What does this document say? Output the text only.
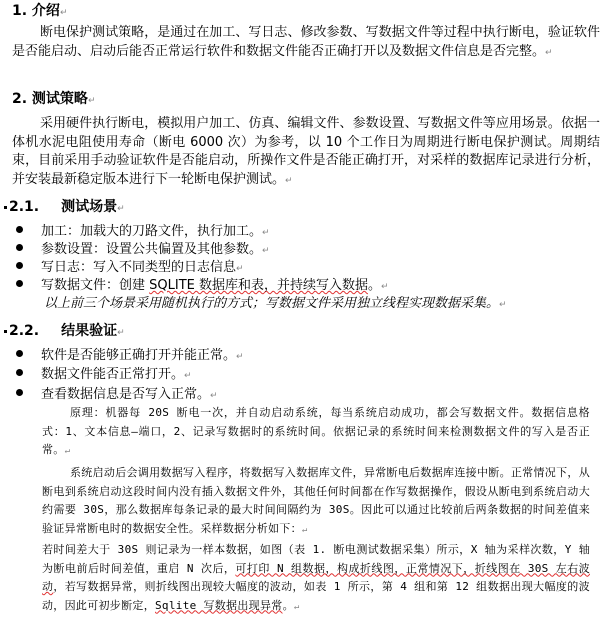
1. 介绍↵
断电保护测试策略，是通过在加工、写日志、修改参数、写数据文件等过程中执行断电，验证软件是否能启动、启动后能否正常运行软件和数据文件能否正确打开以及数据文件信息是否完整。↵
2. 测试策略↵
采用硬件执行断电，模拟用户加工、仿真、编辑文件、参数设置、写数据文件等应用场景。依据一体机水泥电阻使用寿命（断电 6000 次）为参考，以 10 个工作日为周期进行断电保护测试。周期结束，目前采用手动验证软件是否能启动，所操作文件是否能正确打开，对采样的数据库记录进行分析，并安装最新稳定版本进行下一轮断电保护测试。↵
2.1. 测试场景↵
加工：加载大的刀路文件，执行加工。↵
参数设置：设置公共偏置及其他参数。↵
写日志：写入不同类型的日志信息↵
写数据文件：创建 SQLITE 数据库和表，并持续写入数据。↵
以上前三个场景采用随机执行的方式；写数据文件采用独立线程实现数据采集。↵
2.2. 结果验证↵
软件是否能够正确打开并能正常。↵
数据文件能否正常打开。↵
查看数据信息是否写入正常。↵
原理：机器每 20S 断电一次，并自动启动系统，每当系统启动成功，都会写数据文件。数据信息格式：1、文本信息—端口，2、记录写数据时的系统时间。依据记录的系统时间来检测数据文件的写入是否正常。↵
系统启动后会调用数据写入程序，将数据写入数据库文件，异常断电后数据库连接中断。正常情况下，从断电到系统启动这段时间内没有插入数据文件外，其他任何时间都在作写数据操作，假设从断电到系统启动大约需要 30S，那么数据库每条记录的最大时间间隔约为 30S。因此可以通过比较前后两条数据的时间差值来验证异常断电时的数据安全性。采样数据分析如下：↵
若时间差大于 30S 则记录为一样本数据，如图（表 1. 断电测试数据采集）所示，X 轴为采样次数，Y 轴为断电前后时间差值，重启 N 次后，可打印 N 组数据，构成折线图，正常情况下，折线图在 30S 左右波动，若写数据异常，则折线图出现较大幅度的波动，如表 1 所示，第 4 组和第 12 组数据出现大幅度的波动，因此可初步断定，Sqlite 写数据出现异常。↵
